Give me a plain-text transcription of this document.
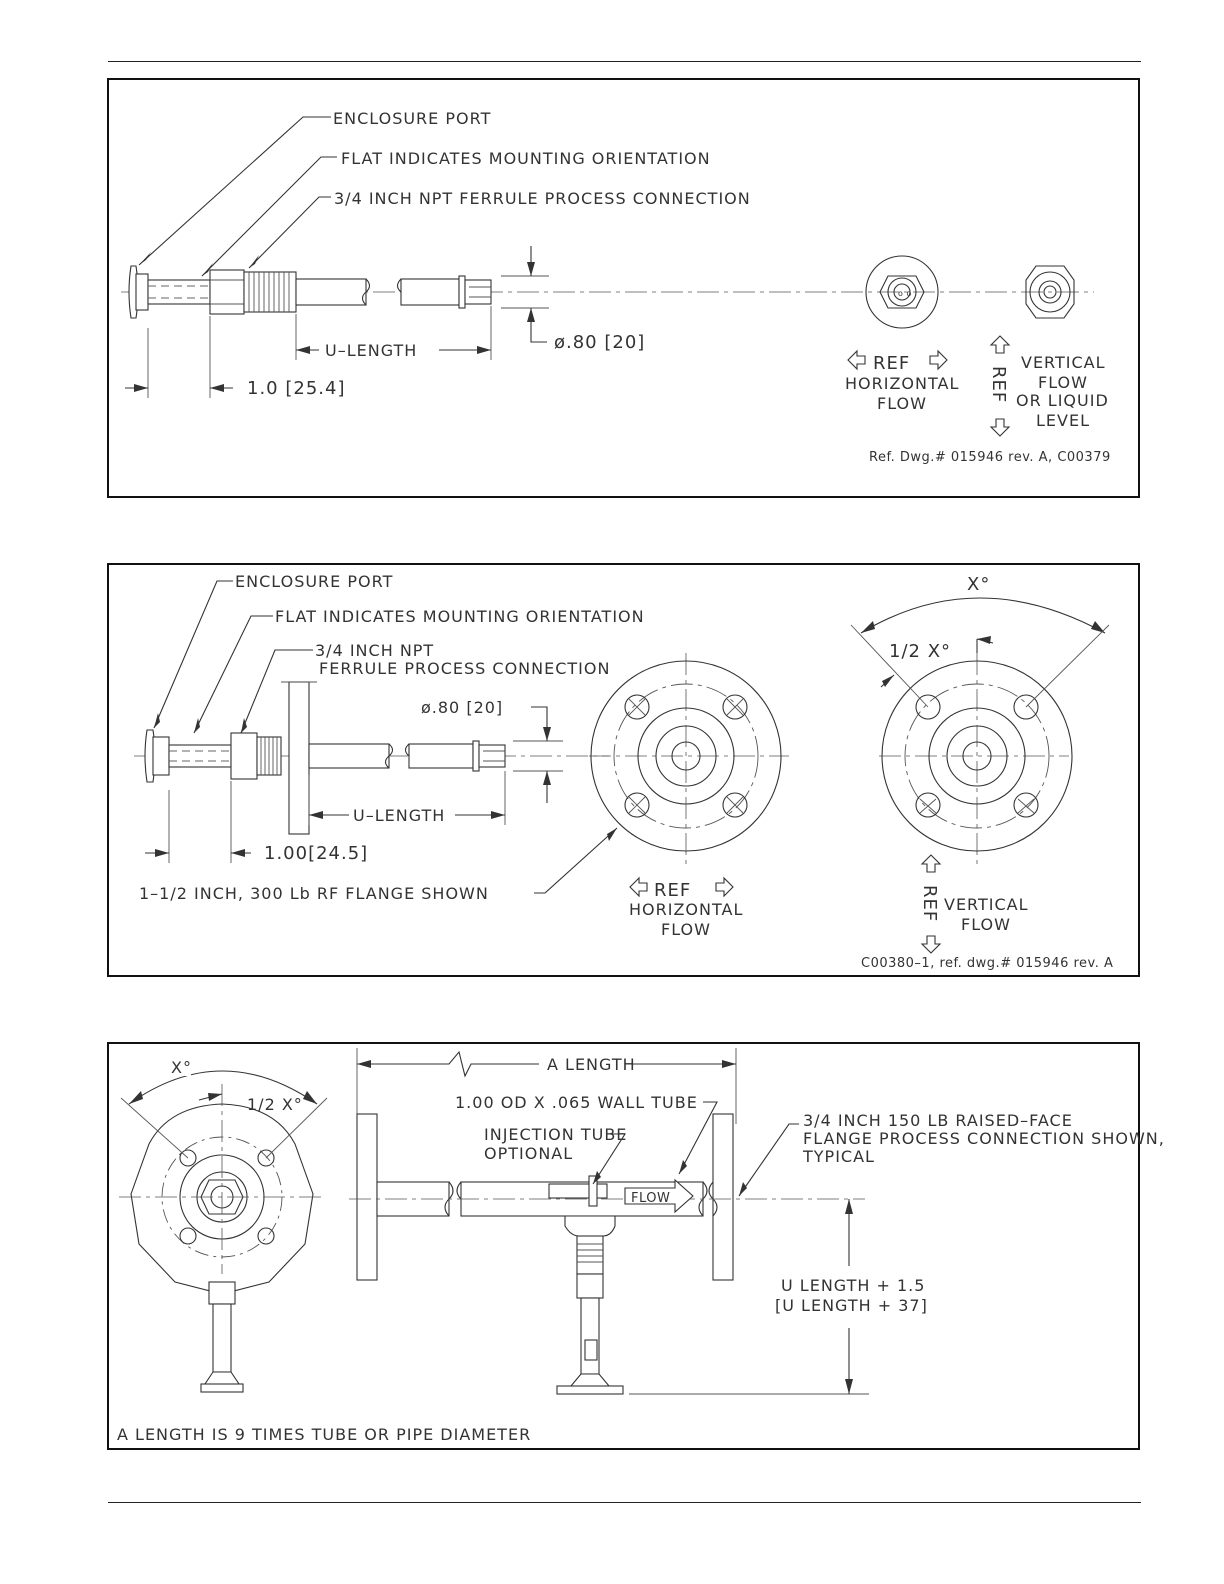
ø.80 [20]
U–LENGTH
1.0 [25.4]
o o
REF
HORIZONTAL
FLOW
REF
VERTICAL
FLOW
OR LIQUID
LEVEL
ENCLOSURE PORT
FLAT INDICATES MOUNTING ORIENTATION
3/4 INCH NPT FERRULE PROCESS CONNECTION
Ref. Dwg.# 015946 rev. A, C00379
ø.80 [20]
U–LENGTH
1.00[24.5]
1–1/2 INCH, 300 Lb RF FLANGE SHOWN	REF
HORIZONTAL
FLOW
X°
1/2 X°
REF VERTICAL
FLOW
ENCLOSURE PORT
FLAT INDICATES MOUNTING ORIENTATION
3/4 INCH NPT
FERRULE PROCESS CONNECTION
C00380–1, ref. dwg.# 015946 rev. A
X°
1/2 X°
A LENGTH
FLOW
1.00 OD X .065 WALL TUBE
INJECTION TUBE
OPTIONAL
3/4 INCH 150 LB RAISED–FACE
FLANGE PROCESS CONNECTION SHOWN,
TYPICAL
U LENGTH + 1.5
[U LENGTH + 37]
A LENGTH IS 9 TIMES TUBE OR PIPE DIAMETER
